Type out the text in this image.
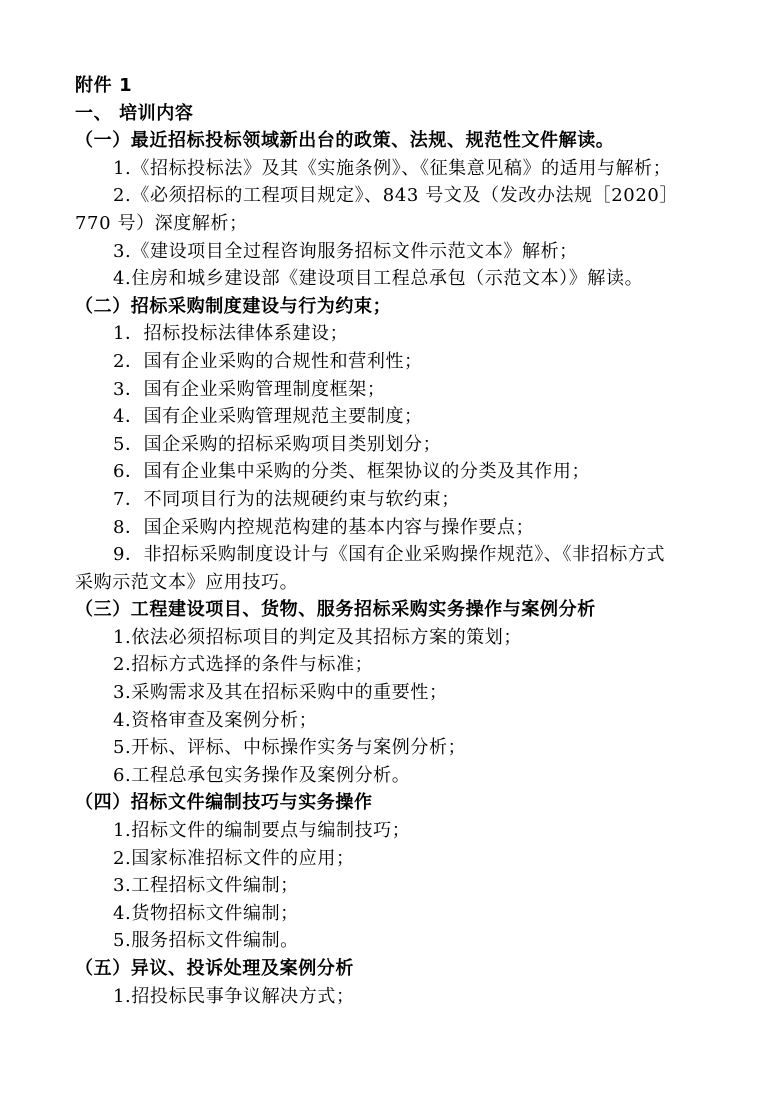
附件 1
一、 培训内容
（一）最近招标投标领域新出台的政策、法规、规范性文件解读。
1.《招标投标法》及其《实施条例》、《征集意见稿》的适用与解析；
2.《必须招标的工程项目规定》、843 号文及（发改办法规［2020］
770 号）深度解析；
3.《建设项目全过程咨询服务招标文件示范文本》解析；
4.住房和城乡建设部《建设项目工程总承包（示范文本）》解读。
（二）招标采购制度建设与行为约束；
1．招标投标法律体系建设；
2．国有企业采购的合规性和营利性；
3．国有企业采购管理制度框架；
4．国有企业采购管理规范主要制度；
5．国企采购的招标采购项目类别划分；
6．国有企业集中采购的分类、框架协议的分类及其作用；
7．不同项目行为的法规硬约束与软约束；
8．国企采购内控规范构建的基本内容与操作要点；
9．非招标采购制度设计与《国有企业采购操作规范》、《非招标方式
采购示范文本》应用技巧。
（三）工程建设项目、货物、服务招标采购实务操作与案例分析
1.依法必须招标项目的判定及其招标方案的策划；
2.招标方式选择的条件与标准；
3.采购需求及其在招标采购中的重要性；
4.资格审查及案例分析；
5.开标、评标、中标操作实务与案例分析；
6.工程总承包实务操作及案例分析。
（四）招标文件编制技巧与实务操作
1.招标文件的编制要点与编制技巧；
2.国家标准招标文件的应用；
3.工程招标文件编制；
4.货物招标文件编制；
5.服务招标文件编制。
（五）异议、投诉处理及案例分析
1.招投标民事争议解决方式；
